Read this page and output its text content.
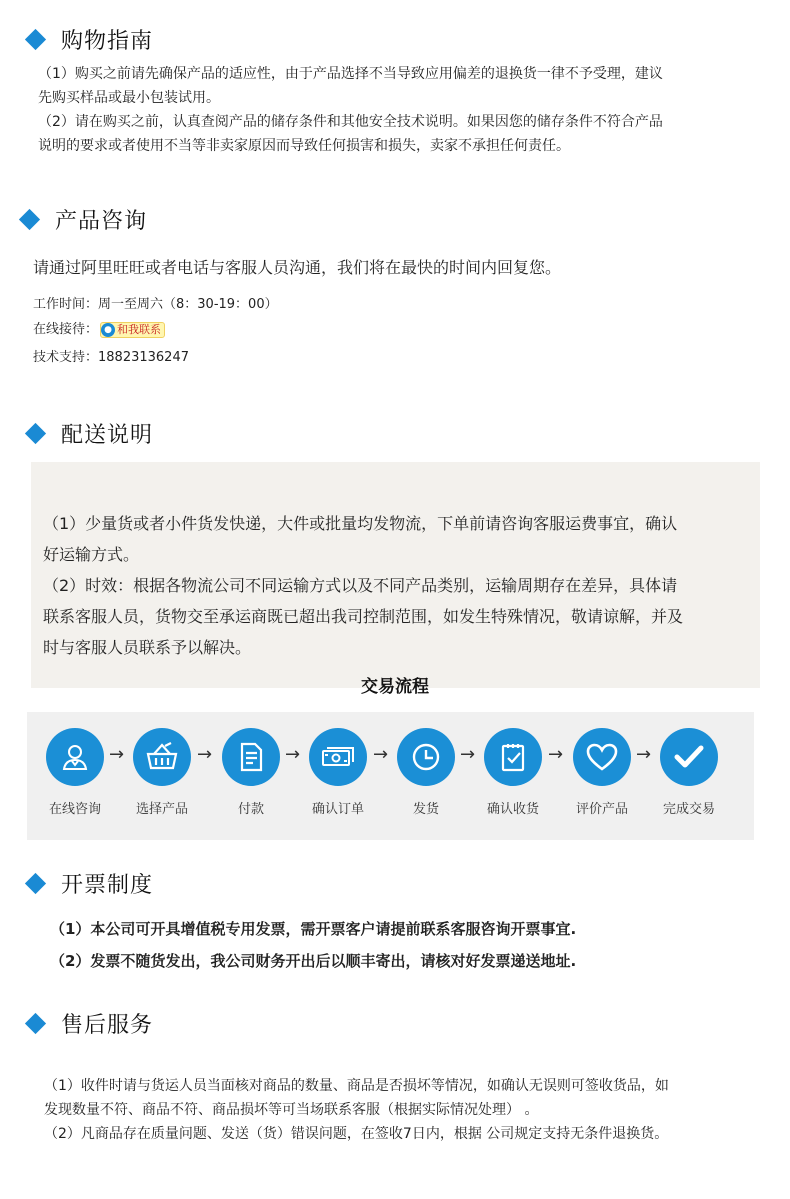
购物指南
（1）购买之前请先确保产品的适应性，由于产品选择不当导致应用偏差的退换货一律不予受理，建议
先购买样品或最小包装试用。
（2）请在购买之前，认真查阅产品的储存条件和其他安全技术说明。如果因您的储存条件不符合产品
说明的要求或者使用不当等非卖家原因而导致任何损害和损失，卖家不承担任何责任。
产品咨询
请通过阿里旺旺或者电话与客服人员沟通，我们将在最快的时间内回复您。
工作时间：周一至周六（8：30-19：00）
在线接待： ● 和我联系
技术支持：18823136247
配送说明
（1）少量货或者小件货发快递，大件或批量均发物流，下单前请咨询客服运费事宜，确认
好运输方式。
（2）时效：根据各物流公司不同运输方式以及不同产品类别，运输周期存在差异，具体请
联系客服人员，货物交至承运商既已超出我司控制范围，如发生特殊情况，敬请谅解，并及
时与客服人员联系予以解决。
交易流程
在线咨询
→
选择产品
→
付款
→
确认订单
→
发货
→
确认收货
→
评价产品
→
完成交易
开票制度
（1）本公司可开具增值税专用发票，需开票客户请提前联系客服咨询开票事宜.
（2）发票不随货发出，我公司财务开出后以顺丰寄出，请核对好发票递送地址.
售后服务
（1）收件时请与货运人员当面核对商品的数量、商品是否损坏等情况，如确认无误则可签收货品，如
发现数量不符、商品不符、商品损坏等可当场联系客服（根据实际情况处理） 。
（2）凡商品存在质量问题、发送（货）错误问题，在签收7日内，根据 公司规定支持无条件退换货。
